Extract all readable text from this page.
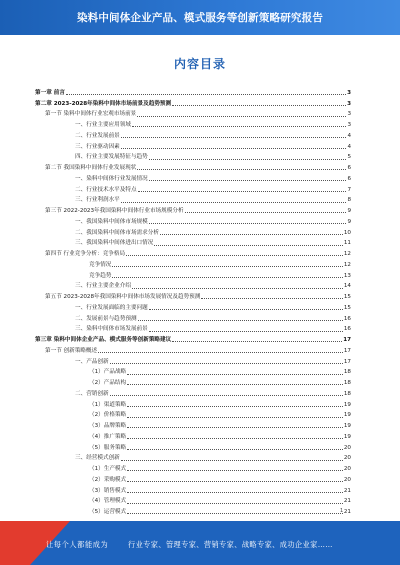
染料中间体企业产品、模式服务等创新策略研究报告
内容目录
第一章 前言	3
第二章 2023-2028年染料中间体市场前景及趋势预测	3
第一节 染料中间体行业宏观市场前景	3
一、行业主要应用领域	3
二、行业发展前景	4
三、行业驱动因素	4
四、行业主要发展特征与趋势	5
第二节 我国染料中间体行业发展现状	6
一、染料中间体行业发展情况	6
二、行业技术水平及特点	7
三、行业利润水平	8
第三节 2022-2023年我国染料中间体行业市场规模分析	9
一、我国染料中间体市场规模	9
二、我国染料中间体市场需求分析	10
三、我国染料中间体进出口情况	11
第四节 行业竞争分析：竞争格局	12
竞争情况	12
竞争趋势	13
三、行业主要企业介绍	14
第五节 2023-2028年我国染料中间体市场发展情况及趋势预测	15
一、行业发展面临的主要问题	15
二、发展前景与趋势预测	16
三、染料中间体市场发展前景	16
第三章 染料中间体企业产品、模式服务等创新策略建议	17
第一节 创新策略概述	17
一、产品创新	17
（1）产品战略	18
（2）产品结构	18
二、营销创新	18
（1）渠道策略	19
（2）价格策略	19
（3）品牌策略	19
（4）推广策略	19
（5）服务策略	20
三、经营模式创新	20
（1）生产模式	20
（2）采购模式	20
（3）销售模式	21
（4）管理模式	21
（5）运营模式	21
1
让每个人都能成为	行业专家、管理专家、营销专家、战略专家、成功企业家……
